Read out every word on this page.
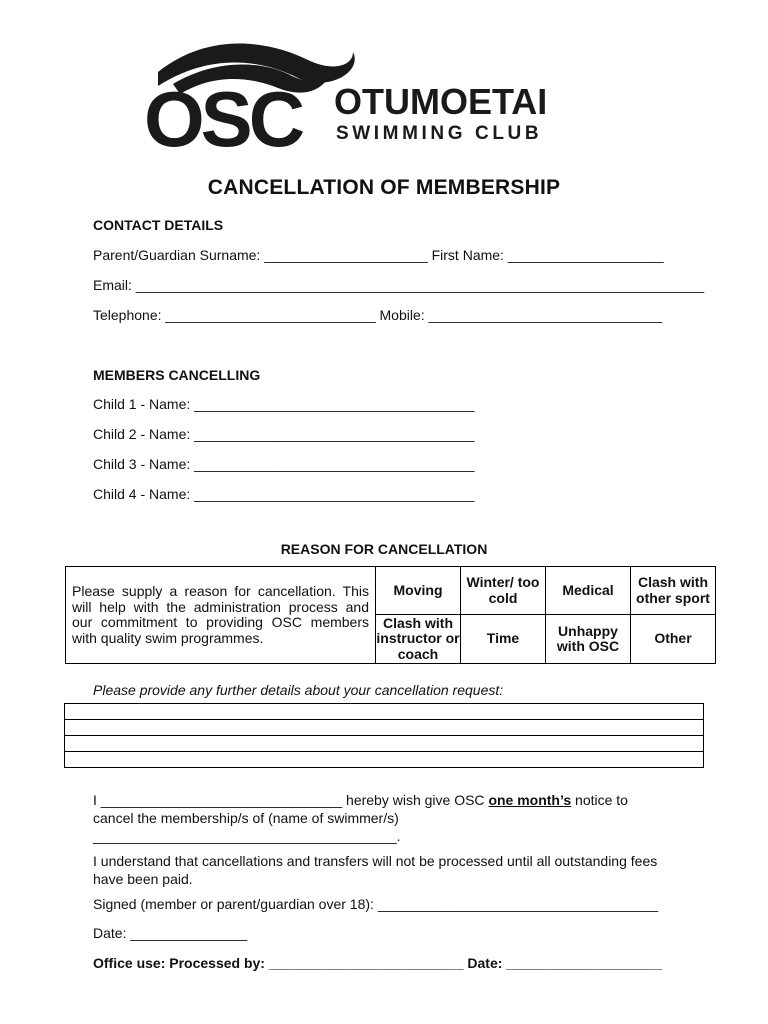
OSC OTUMOETAI
SWIMMING CLUB
CANCELLATION OF MEMBERSHIP
CONTACT DETAILS
Parent/Guardian Surname: _____________________ First Name: ____________________
Email: _________________________________________________________________________
Telephone: ___________________________ Mobile: ______________________________
MEMBERS CANCELLING
Child 1 - Name: ____________________________________
Child 2 - Name: ____________________________________
Child 3 - Name: ____________________________________
Child 4 - Name: ____________________________________
REASON FOR CANCELLATION
Please supply a reason for cancellation. This will help with the administration process and our commitment to providing OSC members with quality swim programmes.	Moving	Winter/ too cold	Medical	Clash with other sport
	Clash with instructor or coach	Time	Unhappy with OSC	Other
Please provide any further details about your cancellation request:

I _______________________________ hereby wish give OSC one month’s notice to
cancel the membership/s of (name of swimmer/s)
_______________________________________.
I understand that cancellations and transfers will not be processed until all outstanding fees
have been paid.
Signed (member or parent/guardian over 18): ____________________________________
Date: _______________
Office use: Processed by: _________________________ Date: ____________________
